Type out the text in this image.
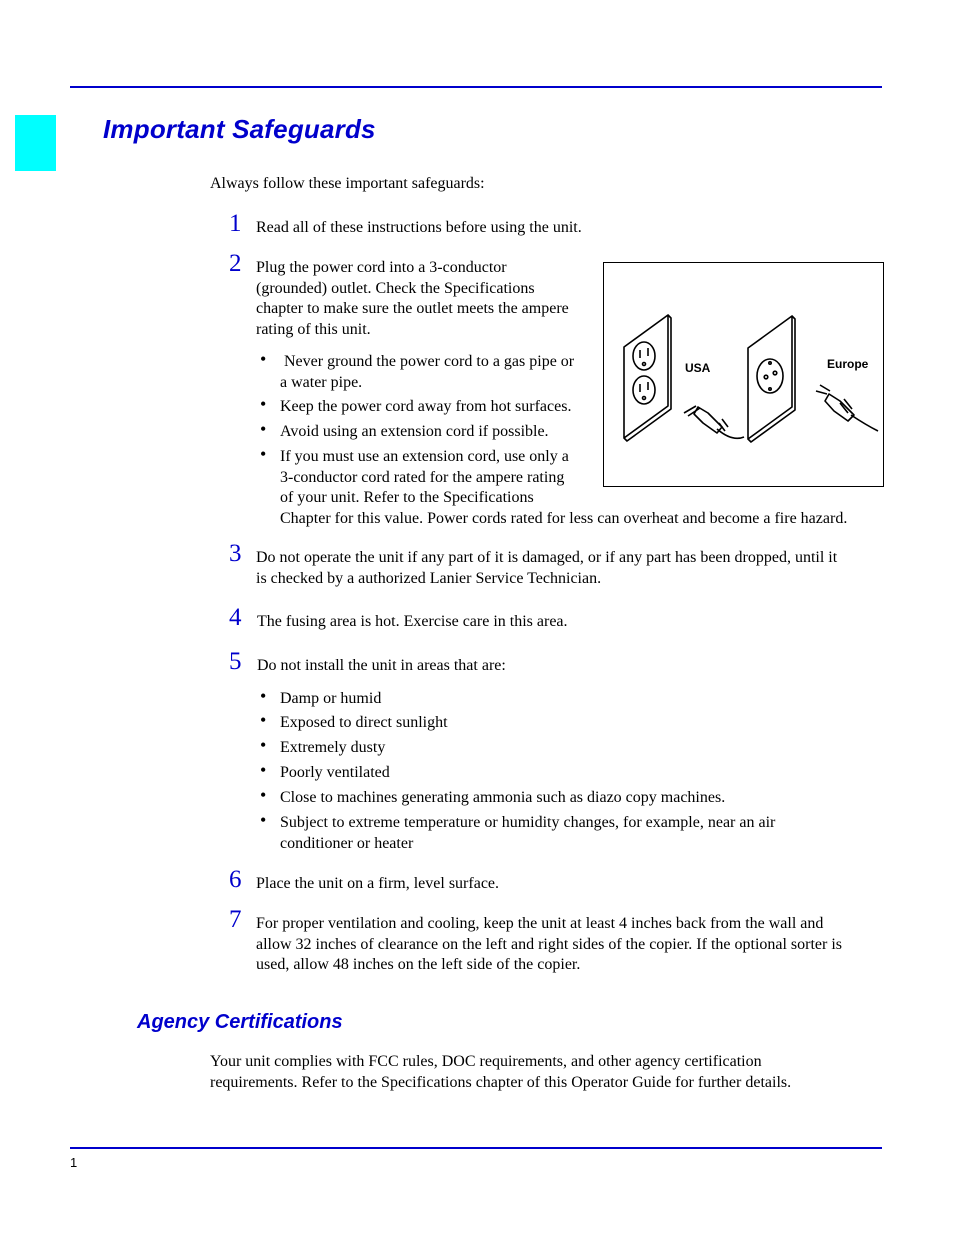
Important Safeguards
Always follow these important safeguards:
1 Read all of these instructions before using the unit.
2 Plug the power cord into a 3-conductor
(grounded) outlet. Check the Specifications
chapter to make sure the outlet meets the ampere
rating of this unit.
• Never ground the power cord to a gas pipe or
a water pipe.
• Keep the power cord away from hot surfaces.
• Avoid using an extension cord if possible.
• If you must use an extension cord, use only a
3-conductor cord rated for the ampere rating
of your unit. Refer to the Specifications
Chapter for this value. Power cords rated for less can overheat and become a fire hazard.
USA	Europe
3 Do not operate the unit if any part of it is damaged, or if any part has been dropped, until it
is checked by a authorized Lanier Service Technician.
4 The fusing area is hot. Exercise care in this area.
5 Do not install the unit in areas that are:
• Damp or humid
• Exposed to direct sunlight
• Extremely dusty
• Poorly ventilated
• Close to machines generating ammonia such as diazo copy machines.
• Subject to extreme temperature or humidity changes, for example, near an air
conditioner or heater
6 Place the unit on a firm, level surface.
7 For proper ventilation and cooling, keep the unit at least 4 inches back from the wall and
allow 32 inches of clearance on the left and right sides of the copier. If the optional sorter is
used, allow 48 inches on the left side of the copier.
Agency Certifications
Your unit complies with FCC rules, DOC requirements, and other agency certification
requirements. Refer to the Specifications chapter of this Operator Guide for further details.
1
